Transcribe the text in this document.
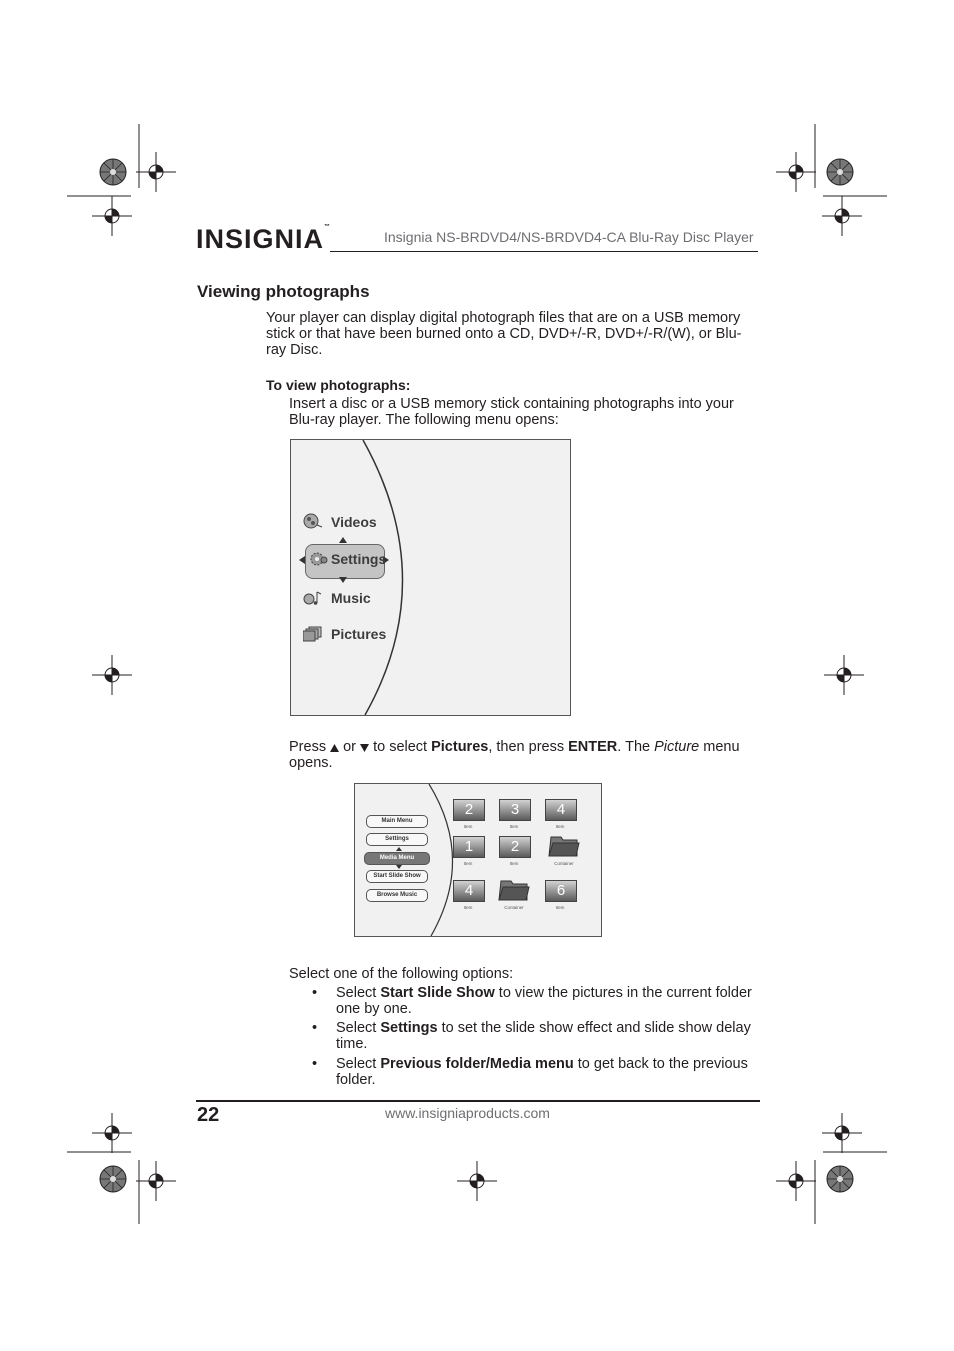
INSIGNIA™
Insignia NS-BRDVD4/NS-BRDVD4-CA Blu-Ray Disc Player
Viewing photographs
Your player can display digital photograph files that are on a USB memory stick or that have been burned onto a CD, DVD+/-R, DVD+/-R/(W), or Blu-ray Disc.
To view photographs:
Insert a disc or a USB memory stick containing photographs into your Blu-ray player. The following menu opens:
Videos
Settings
Music
Pictures
Press  or  to select Pictures, then press ENTER. The Picture menu opens.
Main Menu
Settings
Media Menu
Start Slide Show
Browse Music
2
Item
3
Item
4
Item
1
Item
2
Item	Container
4
Item	Container
6
Item
Select one of the following options:
• Select Start Slide Show to view the pictures in the current folder one by one.
• Select Settings to set the slide show effect and slide show delay time.
• Select Previous folder/Media menu to get back to the previous folder.
22	www.insigniaproducts.com
